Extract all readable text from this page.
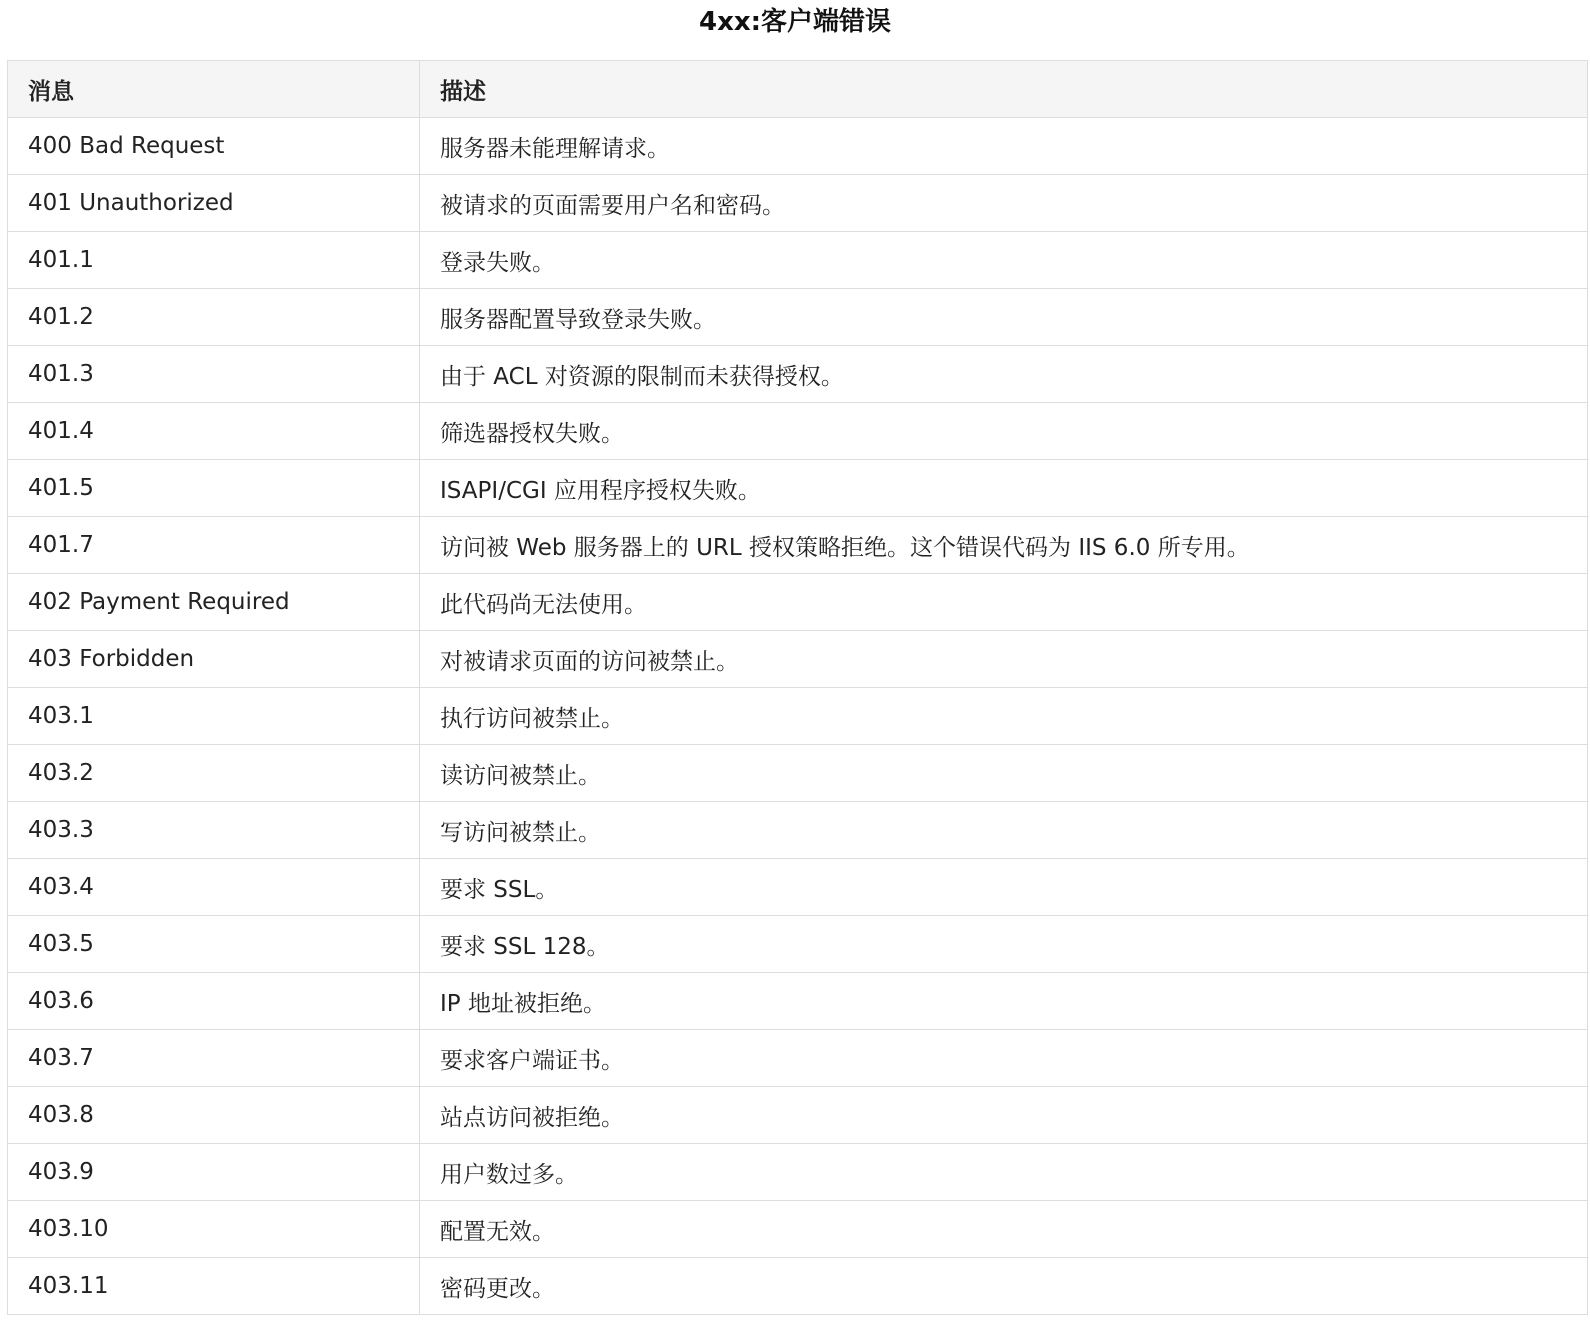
4xx:客户端错误
消息	描述
400 Bad Request	服务器未能理解请求。
401 Unauthorized	被请求的页面需要用户名和密码。
401.1	登录失败。
401.2	服务器配置导致登录失败。
401.3	由于 ACL 对资源的限制而未获得授权。
401.4	筛选器授权失败。
401.5	ISAPI/CGI 应用程序授权失败。
401.7	访问被 Web 服务器上的 URL 授权策略拒绝。这个错误代码为 IIS 6.0 所专用。
402 Payment Required	此代码尚无法使用。
403 Forbidden	对被请求页面的访问被禁止。
403.1	执行访问被禁止。
403.2	读访问被禁止。
403.3	写访问被禁止。
403.4	要求 SSL。
403.5	要求 SSL 128。
403.6	IP 地址被拒绝。
403.7	要求客户端证书。
403.8	站点访问被拒绝。
403.9	用户数过多。
403.10	配置无效。
403.11	密码更改。
